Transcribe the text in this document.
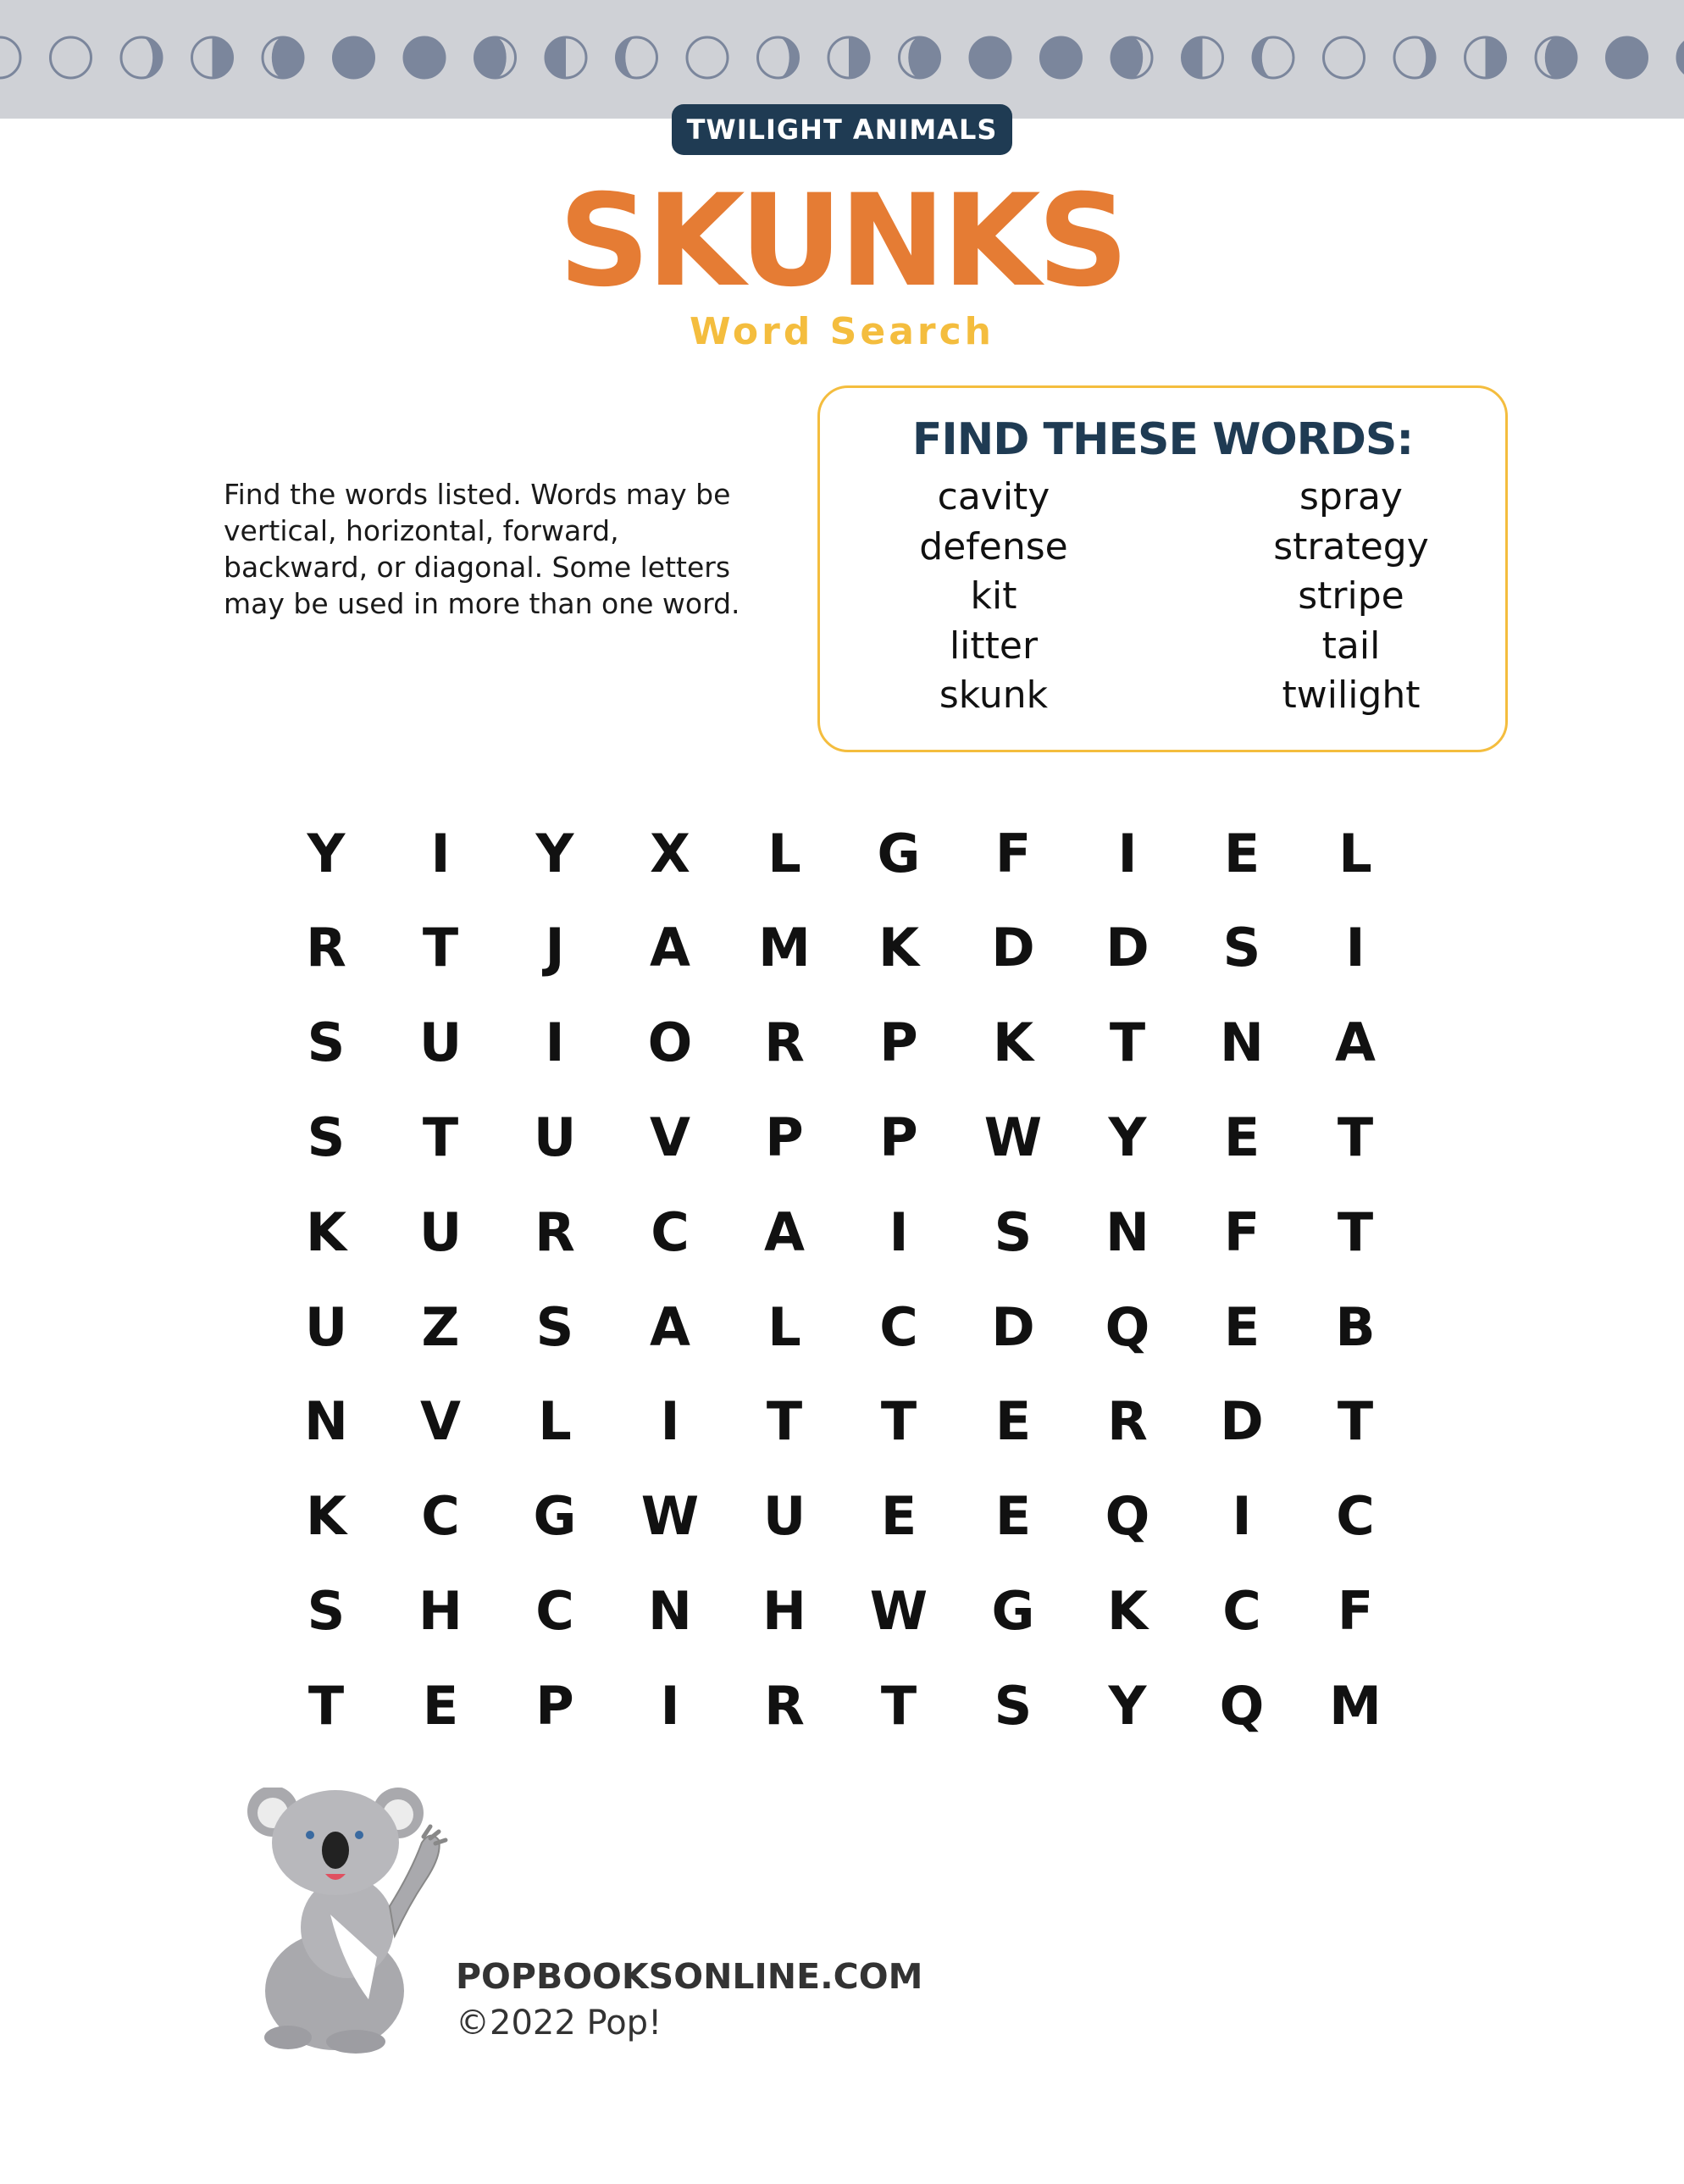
TWILIGHT ANIMALS
SKUNKS
Word Search
Find the words listed. Words may be vertical, horizontal, forward, backward, or diagonal. Some letters may be used in more than one word.
FIND THESE WORDS:
cavity
defense
kit
litter
skunk
spray
strategy
stripe
tail
twilight
Y	I	Y	X	L	G	F	I	E	L
R	T	J	A	M	K	D	D	S	I
S	U	I	O	R	P	K	T	N	A
S	T	U	V	P	P	W	Y	E	T
K	U	R	C	A	I	S	N	F	T
U	Z	S	A	L	C	D	Q	E	B
N	V	L	I	T	T	E	R	D	T
K	C	G	W	U	E	E	Q	I	C
S	H	C	N	H	W	G	K	C	F
T	E	P	I	R	T	S	Y	Q	M
POPBOOKSONLINE.COM
©2022 Pop!
